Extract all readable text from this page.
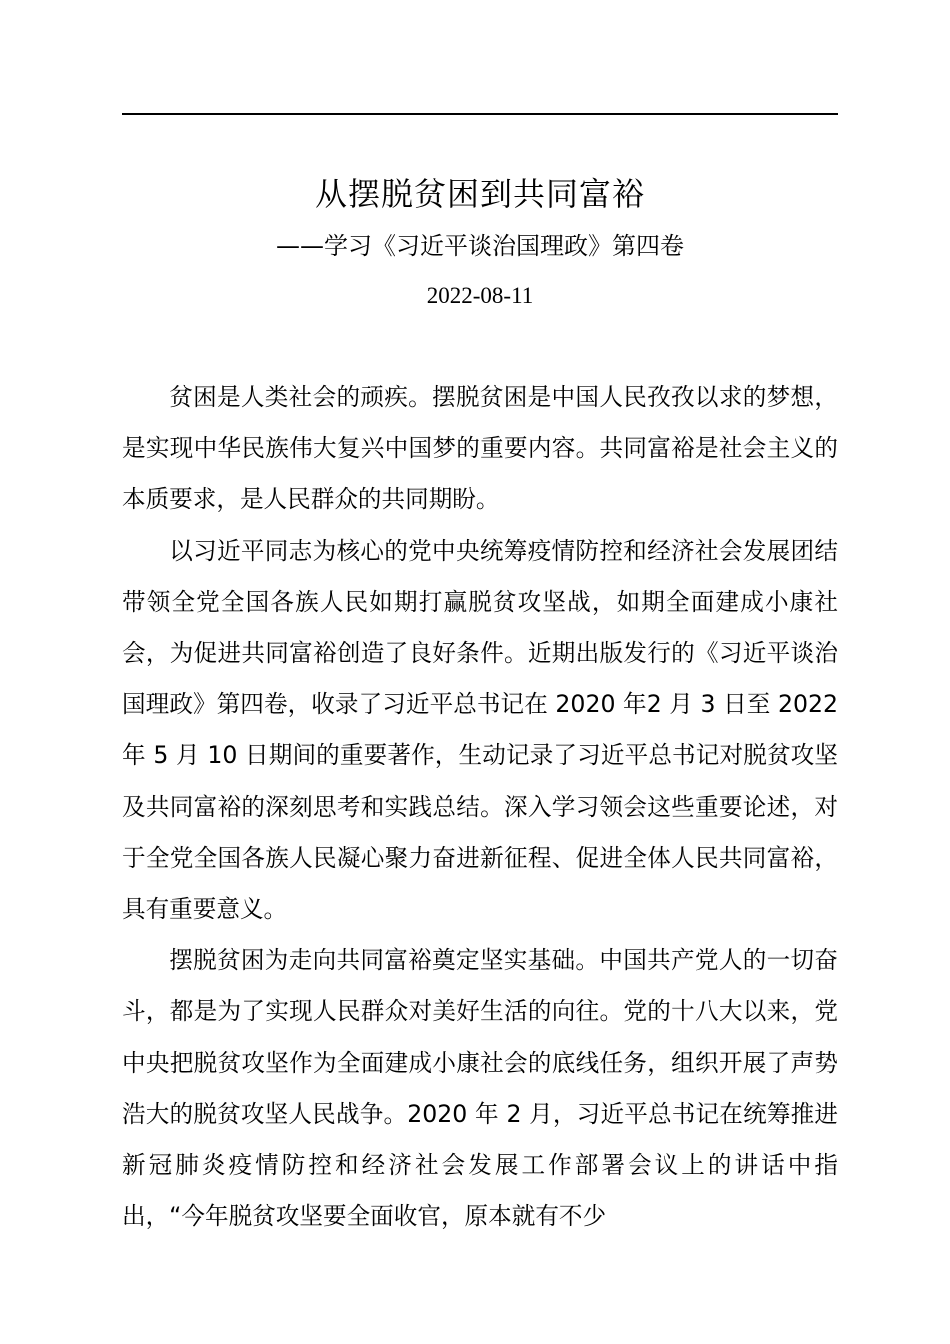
从摆脱贫困到共同富裕
——学习《习近平谈治国理政》第四卷
2022-08-11

贫困是人类社会的顽疾。摆脱贫困是中国人民孜孜以求的梦想，是实现中华民族伟大复兴中国梦的重要内容。共同富裕是社会主义的本质要求，是人民群众的共同期盼。

以习近平同志为核心的党中央统筹疫情防控和经济社会发展团结带领全党全国各族人民如期打赢脱贫攻坚战，如期全面建成小康社会，为促进共同富裕创造了良好条件。近期出版发行的《习近平谈治国理政》第四卷，收录了习近平总书记在 2020 年2 月 3 日至 2022 年 5 月 10 日期间的重要著作，生动记录了习近平总书记对脱贫攻坚及共同富裕的深刻思考和实践总结。深入学习领会这些重要论述，对于全党全国各族人民凝心聚力奋进新征程、促进全体人民共同富裕，具有重要意义。

摆脱贫困为走向共同富裕奠定坚实基础。中国共产党人的一切奋斗，都是为了实现人民群众对美好生活的向往。党的十八大以来，党中央把脱贫攻坚作为全面建成小康社会的底线任务，组织开展了声势浩大的脱贫攻坚人民战争。2020 年 2 月，习近平总书记在统筹推进新冠肺炎疫情防控和经济社会发展工作部署会议上的讲话中指出，“今年脱贫攻坚要全面收官，原本就有不少
